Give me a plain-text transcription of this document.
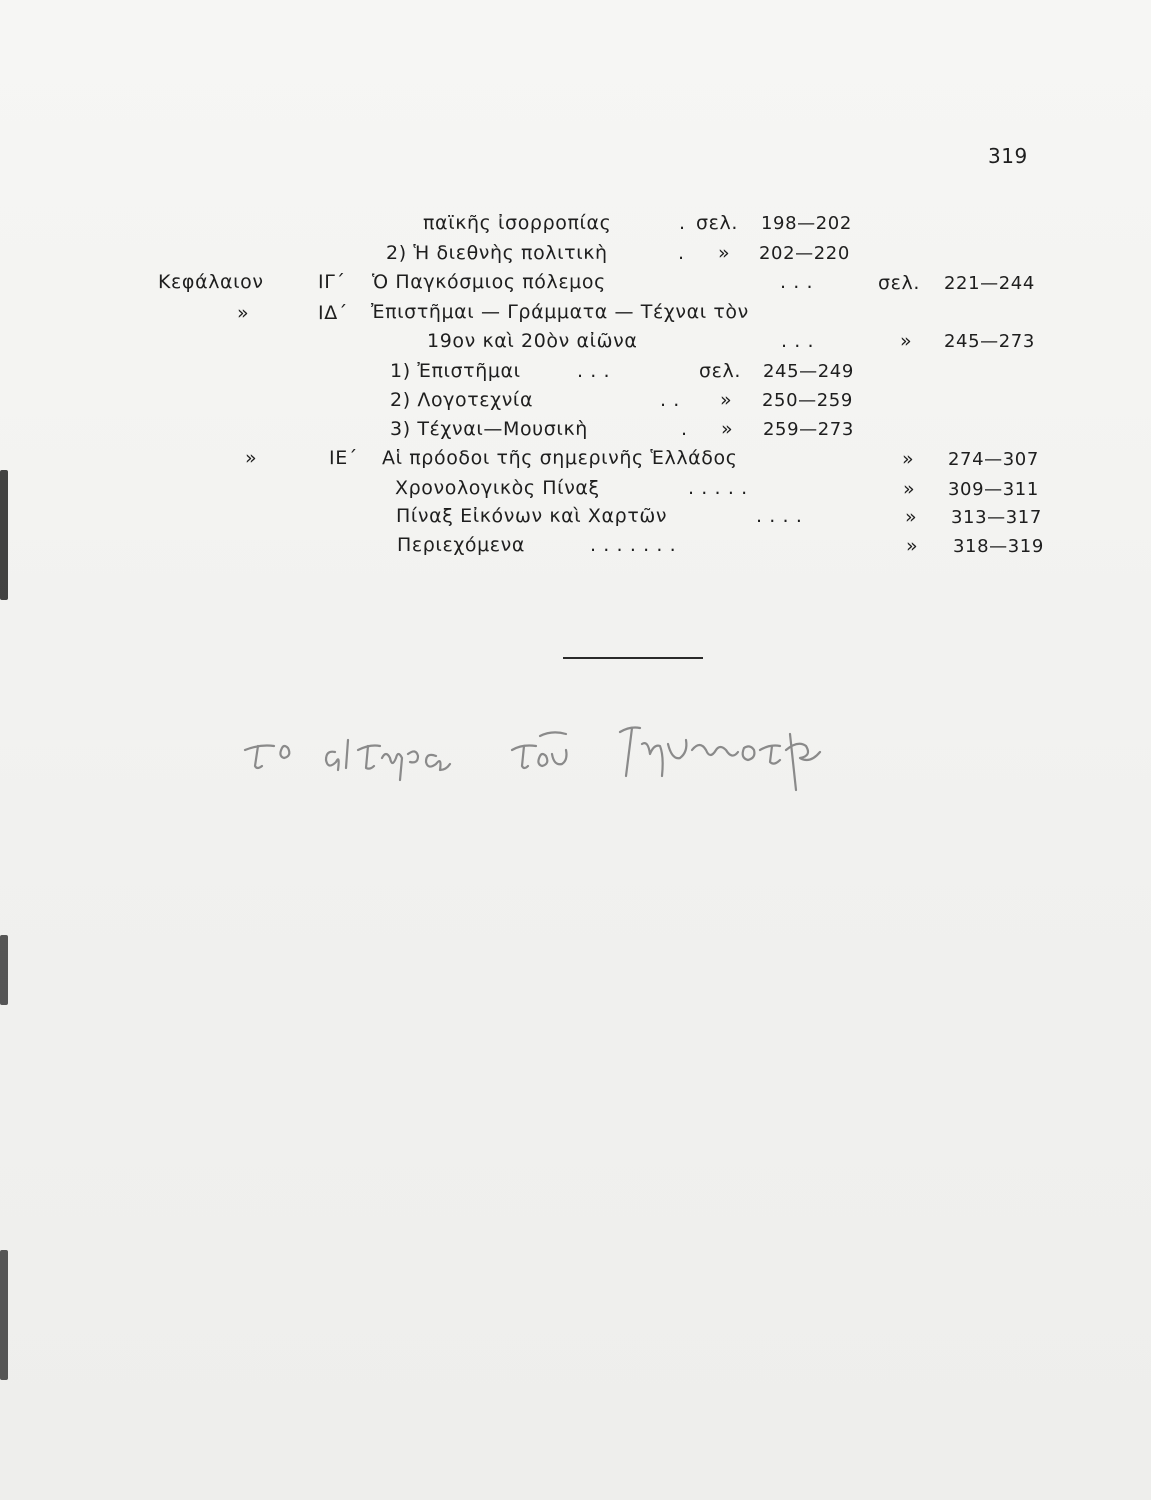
319
παϊκῆς ἰσορροπίας	. σελ. 198—202
2) Ἡ διεθνὴς πολιτικὴ	. » 202—220
Κεφάλαιον	ΙΓ΄ Ὁ Παγκόσμιος πόλεμος	. . .	σελ. 221—244
»	ΙΔ΄ Ἐπιστῆμαι — Γράμματα — Τέχναι τὸν
19ον καὶ 20ὸν αἰῶνα	. . .	» 245—273
1) Ἐπιστῆμαι	. . .	σελ. 245—249
2) Λογοτεχνία	. . » 250—259
3) Τέχναι—Μουσικὴ	. » 259—273
»	ΙΕ΄ Αἱ πρόοδοι τῆς σημερινῆς Ἑλλάδος	» 274—307
Χρονολογικὸς Πίναξ	. . . . .	» 309—311
Πίναξ Εἰκόνων καὶ Χαρτῶν	. . . .	» 313—317
Περιεχόμενα	. . . . . . .	» 318—319
